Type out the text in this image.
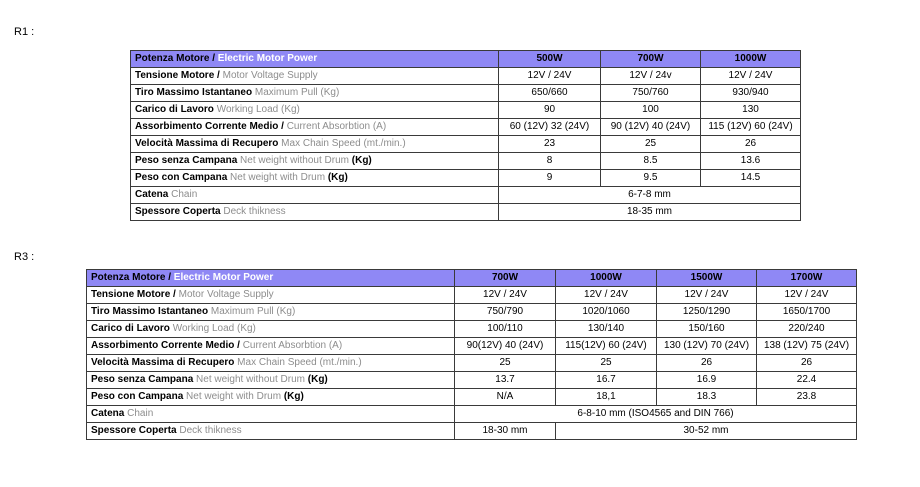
R1 :
Potenza Motore / Electric Motor Power	500W	700W	1000W
Tensione Motore / Motor Voltage Supply	12V / 24V	12V / 24v	12V / 24V
Tiro Massimo Istantaneo Maximum Pull (Kg)	650/660	750/760	930/940
Carico di Lavoro Working Load (Kg)	90	100	130
Assorbimento Corrente Medio / Current Absorbtion (A)	60 (12V) 32 (24V)	90 (12V) 40 (24V)	115 (12V) 60 (24V)
Velocità Massima di Recupero Max Chain Speed (mt./min.)	23	25	26
Peso senza Campana Net weight without Drum (Kg)	8	8.5	13.6
Peso con Campana Net weight with Drum (Kg)	9	9.5	14.5
Catena Chain	6-7-8 mm		
Spessore Coperta Deck thikness	18-35 mm		
R3 :
Potenza Motore / Electric Motor Power	700W	1000W	1500W	1700W
Tensione Motore / Motor Voltage Supply	12V / 24V	12V / 24V	12V / 24V	12V / 24V
Tiro Massimo Istantaneo Maximum Pull (Kg)	750/790	1020/1060	1250/1290	1650/1700
Carico di Lavoro Working Load (Kg)	100/110	130/140	150/160	220/240
Assorbimento Corrente Medio / Current Absorbtion (A)	90(12V) 40 (24V)	115(12V) 60 (24V)	130 (12V) 70 (24V)	138 (12V) 75 (24V)
Velocità Massima di Recupero Max Chain Speed (mt./min.)	25	25	26	26
Peso senza Campana Net weight without Drum (Kg)	13.7	16.7	16.9	22.4
Peso con Campana Net weight with Drum (Kg)	N/A	18,1	18.3	23.8
Catena Chain	6-8-10 mm (ISO4565 and DIN 766)			
Spessore Coperta Deck thikness	18-30 mm	30-52 mm		
